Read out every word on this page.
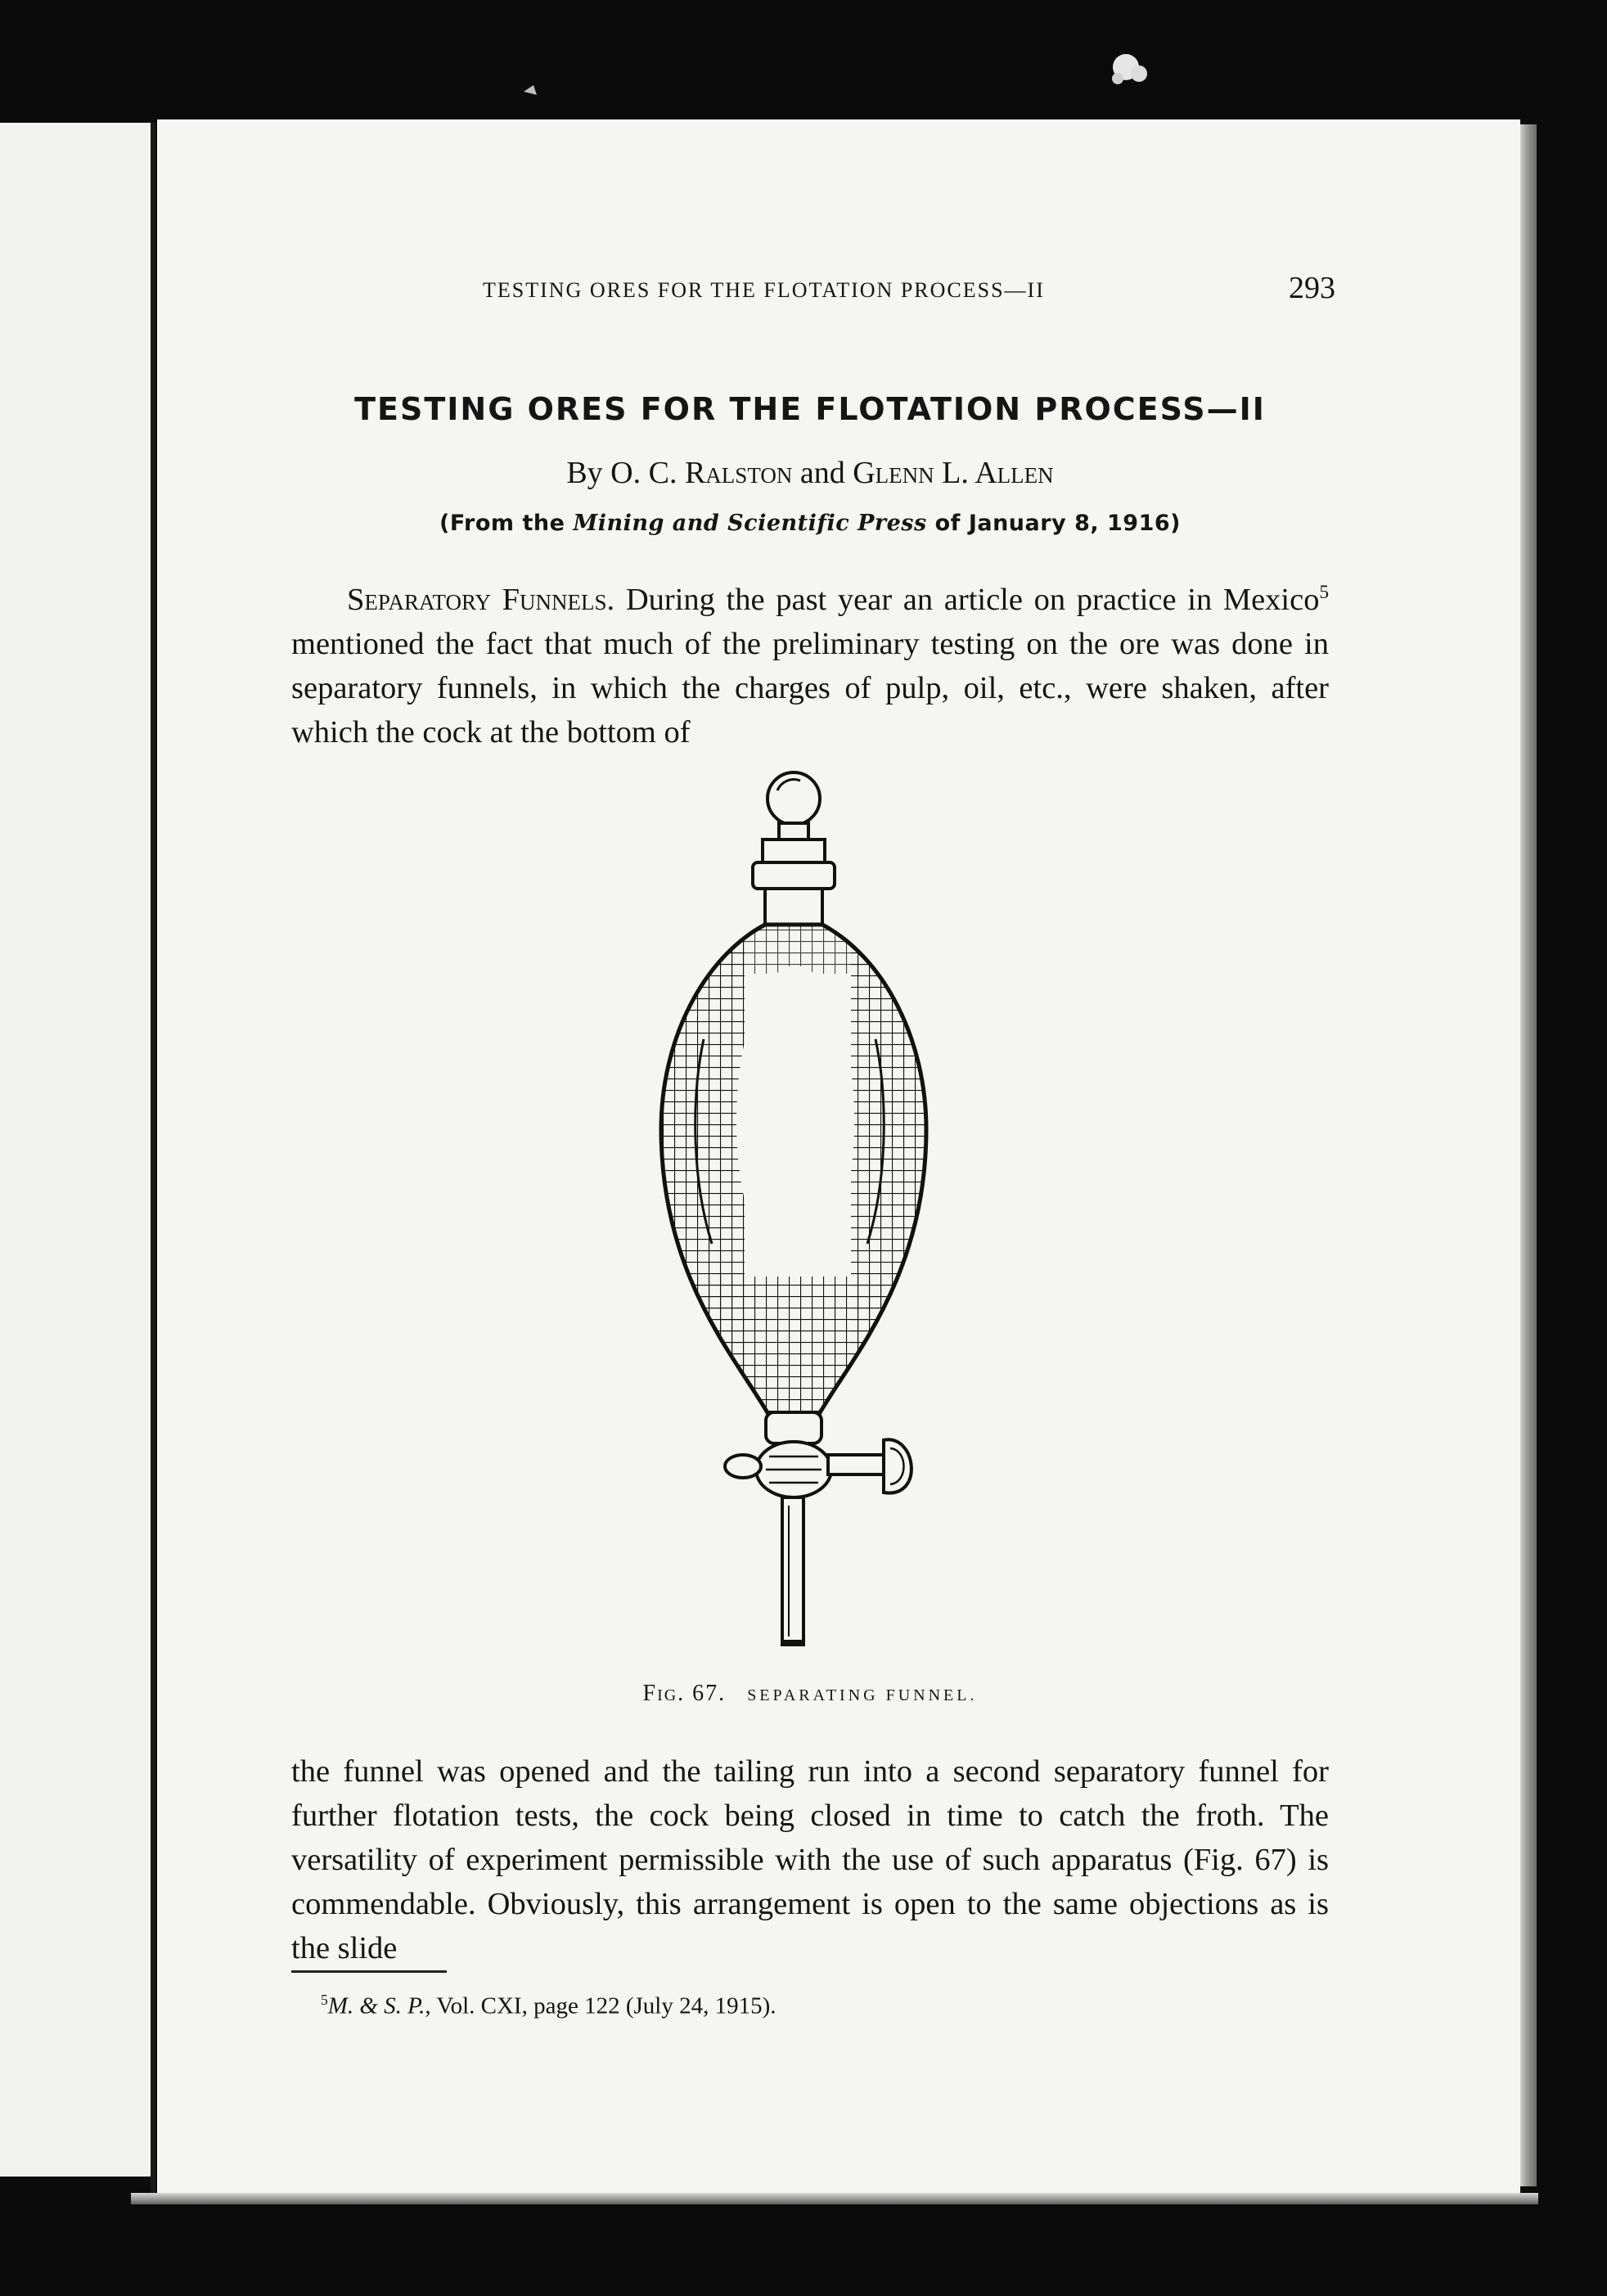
TESTING ORES FOR THE FLOTATION PROCESS—II	293
TESTING ORES FOR THE FLOTATION PROCESS—II
By O. C. Ralston and Glenn L. Allen
(From the Mining and Scientific Press of January 8, 1916)

Separatory Funnels. During the past year an article on practice in Mexico$^5$ mentioned the fact that much of the preliminary testing on the ore was done in separatory funnels, in which the charges of pulp, oil, etc., were shaken, after which the cock at the bottom of

Fig. 67. SEPARATING FUNNEL.

the funnel was opened and the tailing run into a second separatory funnel for further flotation tests, the cock being closed in time to catch the froth. The versatility of experiment permissible with the use of such apparatus (Fig. 67) is commendable. Obviously, this arrangement is open to the same objections as is the slide

$^5$M. & S. P., Vol. CXI, page 122 (July 24, 1915).
